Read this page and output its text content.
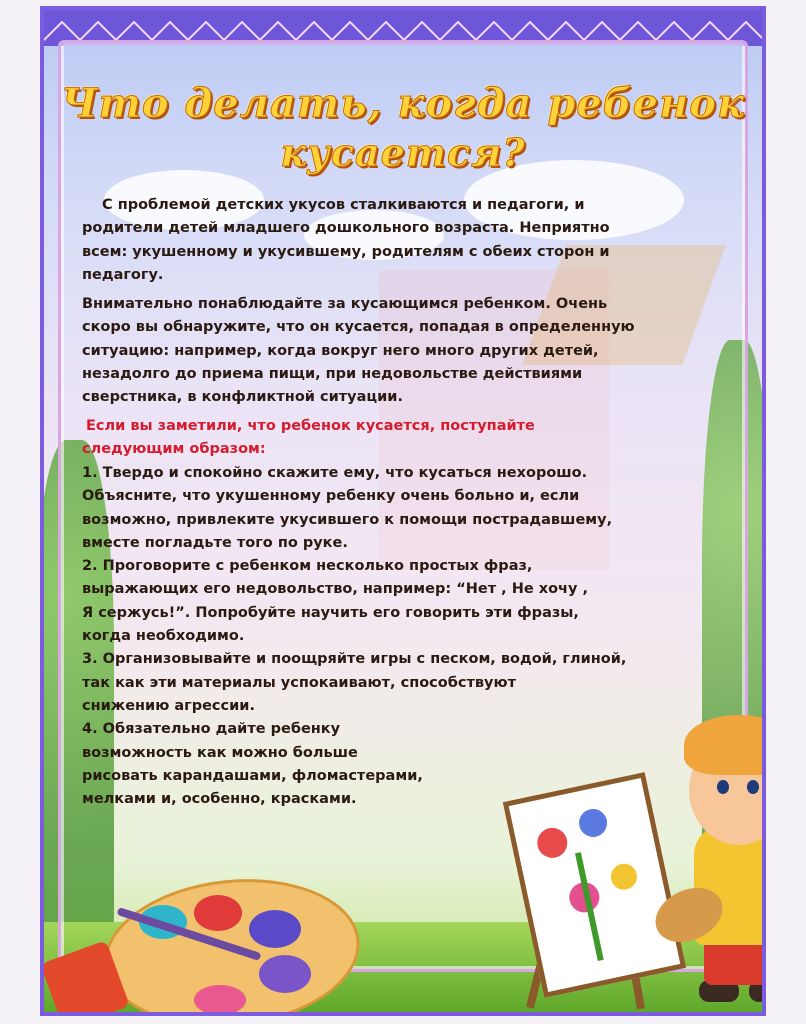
Что делать, когда ребенок
кусается?

С проблемой детских укусов сталкиваются и педагоги, и

родители детей младшего дошкольного возраста. Неприятно

всем: укушенному и укусившему, родителям с обеих сторон и

педагогу.

Внимательно понаблюдайте за кусающимся ребенком. Очень

скоро вы обнаружите, что он кусается, попадая в определенную

ситуацию: например, когда вокруг него много других детей,

незадолго до приема пищи, при недовольстве действиями

сверстника, в конфликтной ситуации.

Если вы заметили, что ребенок кусается, поступайте

следующим образом:

1. Твердо и спокойно скажите ему, что кусаться нехорошо.

Объясните, что укушенному ребенку очень больно и, если

возможно, привлеките укусившего к помощи пострадавшему,

вместе погладьте того по руке.

2. Проговорите с ребенком несколько простых фраз,

выражающих его недовольство, например: “Нет , Не хочу ,

Я сержусь!”. Попробуйте научить его говорить эти фразы,

когда необходимо.

3. Организовывайте и поощряйте игры с песком, водой, глиной,

так как эти материалы успокаивают, способствуют

снижению агрессии.

4. Обязательно дайте ребенку

возможность как можно больше

рисовать карандашами, фломастерами,

мелками и, особенно, красками.
